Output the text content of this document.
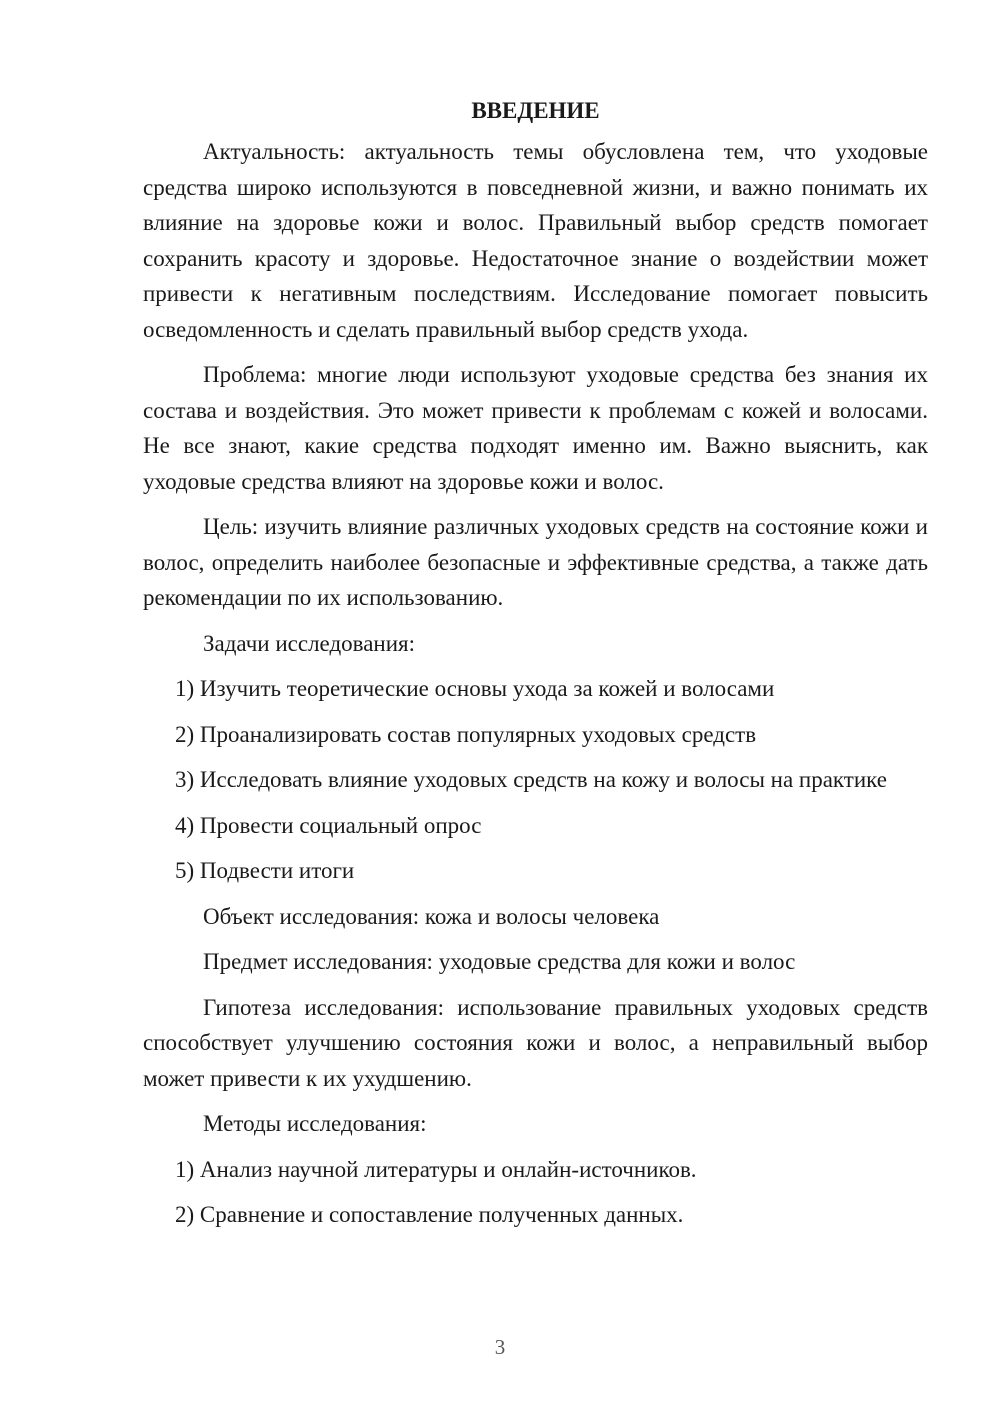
ВВЕДЕНИЕ

Актуальность: актуальность темы обусловлена тем, что уходовые средства широко используются в повседневной жизни, и важно понимать их влияние на здоровье кожи и волос. Правильный выбор средств помогает сохранить красоту и здоровье. Недостаточное знание о воздействии может привести к негативным последствиям. Исследование помогает повысить осведомленность и сделать правильный выбор средств ухода.

Проблема: многие люди используют уходовые средства без знания их состава и воздействия. Это может привести к проблемам с кожей и волосами. Не все знают, какие средства подходят именно им. Важно выяснить, как уходовые средства влияют на здоровье кожи и волос.

Цель: изучить влияние различных уходовых средств на состояние кожи и волос, определить наиболее безопасные и эффективные средства, а также дать рекомендации по их использованию.

Задачи исследования:

1) Изучить теоретические основы ухода за кожей и волосами

2) Проанализировать состав популярных уходовых средств

3) Исследовать влияние уходовых средств на кожу и волосы на практике

4) Провести социальный опрос

5) Подвести итоги

Объект исследования: кожа и волосы человека

Предмет исследования: уходовые средства для кожи и волос

Гипотеза исследования: использование правильных уходовых средств способствует улучшению состояния кожи и волос, а неправильный выбор может привести к их ухудшению.

Методы исследования:

1) Анализ научной литературы и онлайн-источников.

2) Сравнение и сопоставление полученных данных.

3
